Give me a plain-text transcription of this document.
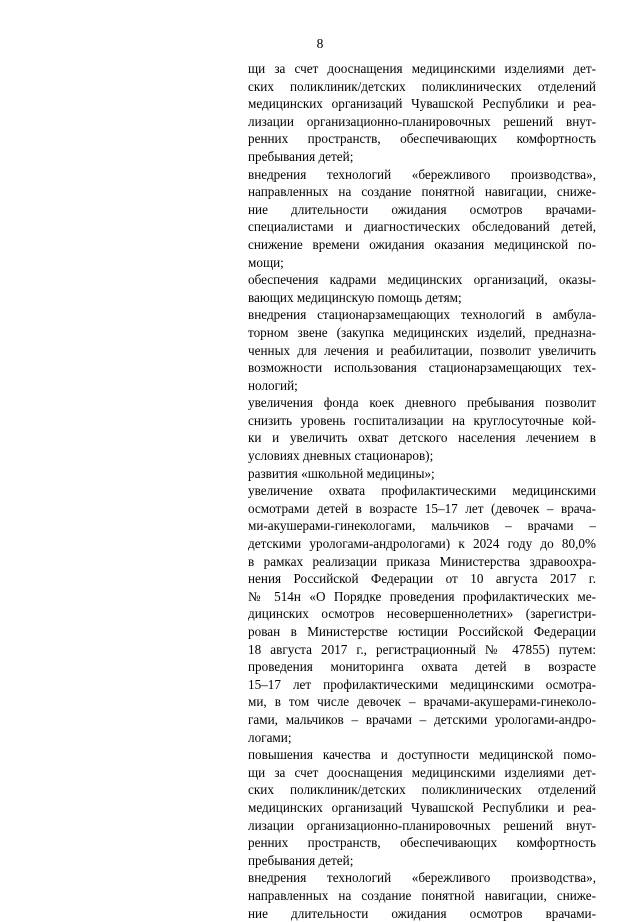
8
щи за счет дооснащения медицинскими изделиями дет-
ских поликлиник/детских поликлинических отделений
медицинских организаций Чувашской Республики и реа-
лизации организационно-планировочных решений внут-
ренних пространств, обеспечивающих комфортность
пребывания детей;
внедрения технологий «бережливого производства»,
направленных на создание понятной навигации, сниже-
ние длительности ожидания осмотров врачами-
специалистами и диагностических обследований детей,
снижение времени ожидания оказания медицинской по-
мощи;
обеспечения кадрами медицинских организаций, оказы-
вающих медицинскую помощь детям;
внедрения стационарзамещающих технологий в амбула-
торном звене (закупка медицинских изделий, предназна-
ченных для лечения и реабилитации, позволит увеличить
возможности использования стационарзамещающих тех-
нологий;
увеличения фонда коек дневного пребывания позволит
снизить уровень госпитализации на круглосуточные кой-
ки и увеличить охват детского населения лечением в
условиях дневных стационаров);
развития «школьной медицины»;
увеличение охвата профилактическими медицинскими
осмотрами детей в возрасте 15–17 лет (девочек – врача-
ми-акушерами-гинекологами, мальчиков – врачами –
детскими урологами-андрологами) к 2024 году до 80,0%
в рамках реализации приказа Министерства здравоохра-
нения Российской Федерации от 10 августа 2017 г.
№ 514н «О Порядке проведения профилактических ме-
дицинских осмотров несовершеннолетних» (зарегистри-
рован в Министерстве юстиции Российской Федерации
18 августа 2017 г., регистрационный № 47855) путем:
проведения мониторинга охвата детей в возрасте
15–17 лет профилактическими медицинскими осмотра-
ми, в том числе девочек – врачами-акушерами-гинеколо-
гами, мальчиков – врачами – детскими урологами-андро-
логами;
повышения качества и доступности медицинской помо-
щи за счет дооснащения медицинскими изделиями дет-
ских поликлиник/детских поликлинических отделений
медицинских организаций Чувашской Республики и реа-
лизации организационно-планировочных решений внут-
ренних пространств, обеспечивающих комфортность
пребывания детей;
внедрения технологий «бережливого производства»,
направленных на создание понятной навигации, сниже-
ние длительности ожидания осмотров врачами-
